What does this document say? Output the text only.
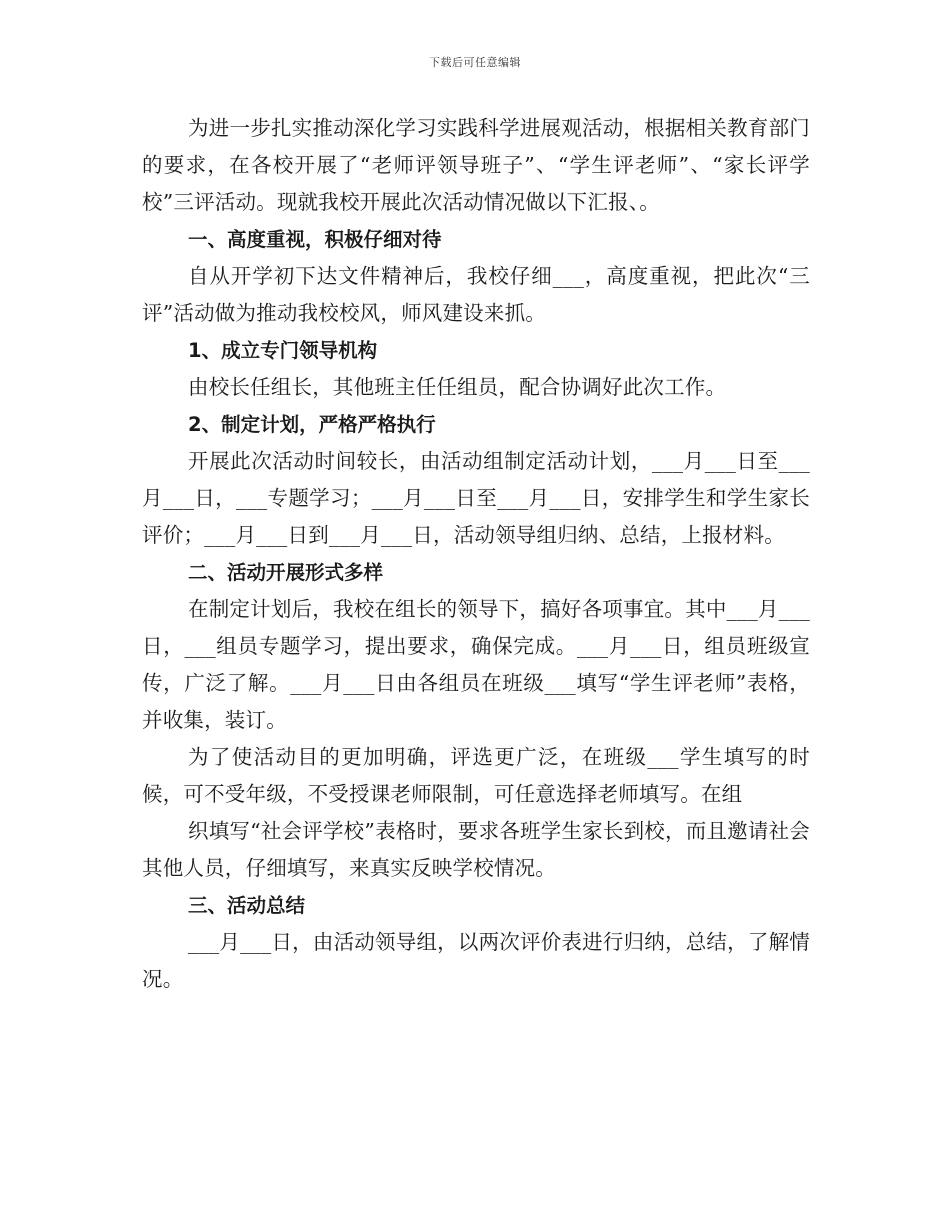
下载后可任意编辑

为进一步扎实推动深化学习实践科学进展观活动，根据相关教育部门的要求，在各校开展了“老师评领导班子”、“学生评老师”、“家长评学校”三评活动。现就我校开展此次活动情况做以下汇报、。

一、高度重视，积极仔细对待

自从开学初下达文件精神后，我校仔细___，高度重视，把此次“三评”活动做为推动我校校风，师风建设来抓。

1、成立专门领导机构

由校长任组长，其他班主任任组员，配合协调好此次工作。

2、制定计划，严格严格执行

开展此次活动时间较长，由活动组制定活动计划，___月___日至___月___日，___专题学习；___月___日至___月___日，安排学生和学生家长评价；___月___日到___月___日，活动领导组归纳、总结，上报材料。

二、活动开展形式多样

在制定计划后，我校在组长的领导下，搞好各项事宜。其中___月___日，___组员专题学习，提出要求，确保完成。___月___日，组员班级宣传，广泛了解。___月___日由各组员在班级___填写“学生评老师”表格，并收集，装订。

为了使活动目的更加明确，评选更广泛，在班级___学生填写的时候，可不受年级，不受授课老师限制，可任意选择老师填写。在组

织填写“社会评学校”表格时，要求各班学生家长到校，而且邀请社会其他人员，仔细填写，来真实反映学校情况。

三、活动总结

___月___日，由活动领导组，以两次评价表进行归纳，总结，了解情况。
